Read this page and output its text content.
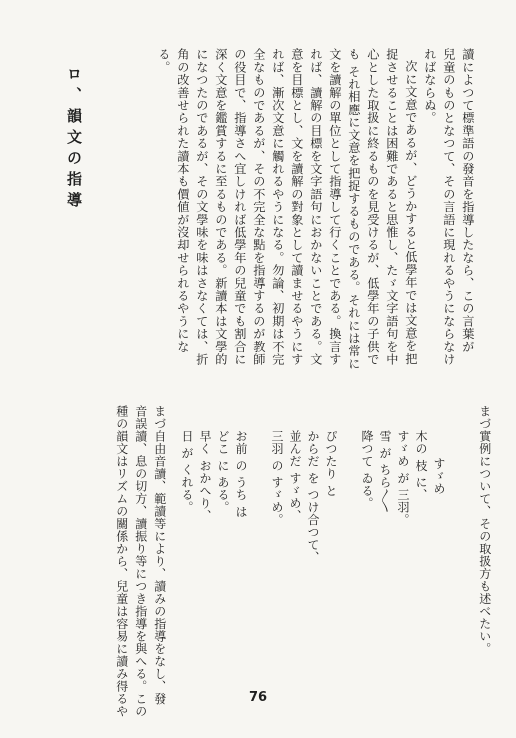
讀によつて標準語の發音を指導したなら、この言葉が
兒童のものとなつて、その言語に現れるやうにならなけ
ればならぬ。
次に文意であるが、どうかすると低學年では文意を把
捉させることは困難であると思惟し、たゞ文字語句を中
心とした取扱に終るものを見受けるが、低學年の子供で
も それ相應に文意を把捉するものである。それには常に
文を讀解の單位として指導して行くことである。換言す
れば、讀解の目標を文字語句におかないことである。文
意を目標とし、文を讀解の對象として讀ませるやうにす
れば、漸次文意に觸れるやうになる。勿論、初期は不完
全なものであるが、その不完全な點を指導するのが教師
の役目で、指導さへ宜しければ低學年の兒童でも割合に
深く文意を鑑賞するに至るものである。新讀本は文學的
になつたのであるが、その文學味を味はさなくては、折
角の改善せられた讀本も價値が沒却せられるやうにな
る。
ロ、韻文の指導
まづ實例について、その取扱方も述べたい。
　すゞめ
木の 枝 に、
すゞめ が 三羽。
雪 が ちら〳〵
降つて ゐる。
ぴつたり と
からだ を つけ合つて、
並んだ すゞめ、
三羽 の すゞめ。
お前 の うち は
どこ に ある。
早く おかへり、
日 が くれる。
まづ自由音讀、範讀等により、讀みの指導をなし、發
音誤讀、息の切方、讀振り等につき指導を與へる。この
種の韻文はリズムの關係から、兒童は容易に讀み得るや	76
